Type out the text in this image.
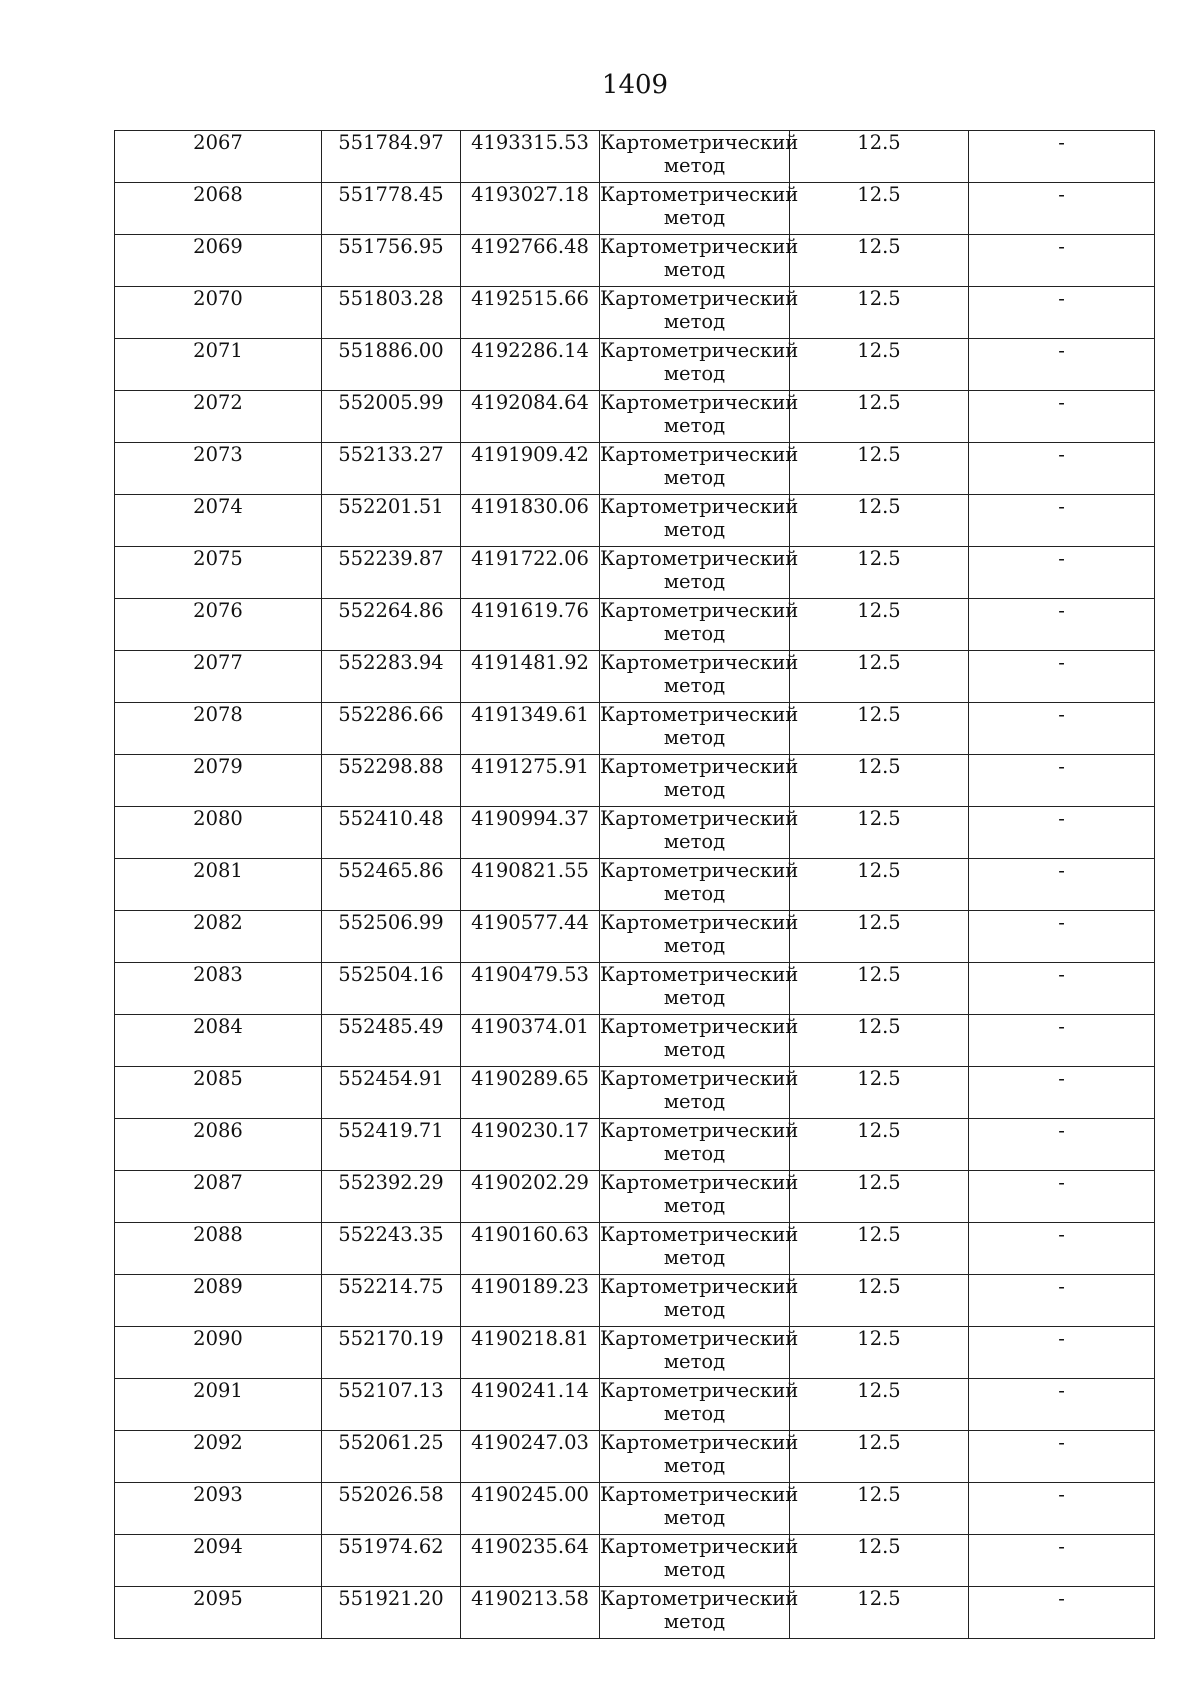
1409
2067	551784.97	4193315.53	Картометрический метод	12.5	-
2068	551778.45	4193027.18	Картометрический метод	12.5	-
2069	551756.95	4192766.48	Картометрический метод	12.5	-
2070	551803.28	4192515.66	Картометрический метод	12.5	-
2071	551886.00	4192286.14	Картометрический метод	12.5	-
2072	552005.99	4192084.64	Картометрический метод	12.5	-
2073	552133.27	4191909.42	Картометрический метод	12.5	-
2074	552201.51	4191830.06	Картометрический метод	12.5	-
2075	552239.87	4191722.06	Картометрический метод	12.5	-
2076	552264.86	4191619.76	Картометрический метод	12.5	-
2077	552283.94	4191481.92	Картометрический метод	12.5	-
2078	552286.66	4191349.61	Картометрический метод	12.5	-
2079	552298.88	4191275.91	Картометрический метод	12.5	-
2080	552410.48	4190994.37	Картометрический метод	12.5	-
2081	552465.86	4190821.55	Картометрический метод	12.5	-
2082	552506.99	4190577.44	Картометрический метод	12.5	-
2083	552504.16	4190479.53	Картометрический метод	12.5	-
2084	552485.49	4190374.01	Картометрический метод	12.5	-
2085	552454.91	4190289.65	Картометрический метод	12.5	-
2086	552419.71	4190230.17	Картометрический метод	12.5	-
2087	552392.29	4190202.29	Картометрический метод	12.5	-
2088	552243.35	4190160.63	Картометрический метод	12.5	-
2089	552214.75	4190189.23	Картометрический метод	12.5	-
2090	552170.19	4190218.81	Картометрический метод	12.5	-
2091	552107.13	4190241.14	Картометрический метод	12.5	-
2092	552061.25	4190247.03	Картометрический метод	12.5	-
2093	552026.58	4190245.00	Картометрический метод	12.5	-
2094	551974.62	4190235.64	Картометрический метод	12.5	-
2095	551921.20	4190213.58	Картометрический метод	12.5	-
